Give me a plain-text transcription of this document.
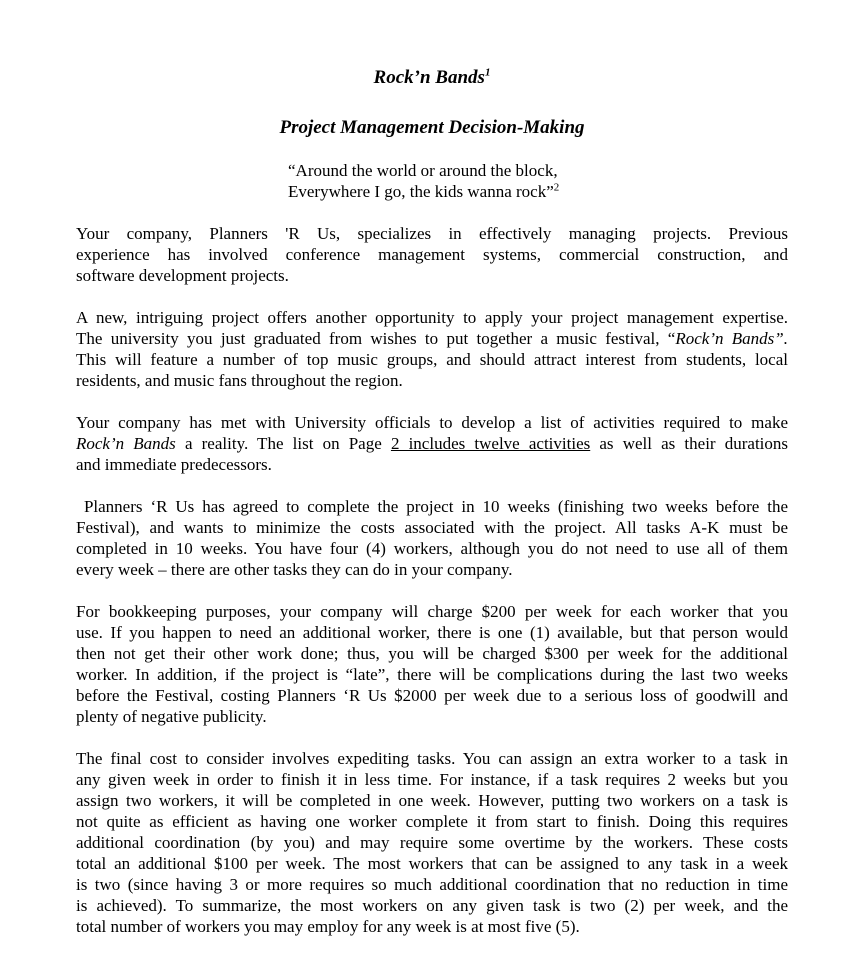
Rock’n Bands$^1$
Project Management Decision-Making
“Around the world or around the block,
Everywhere I go, the kids wanna rock”$^2$
Your company, Planners 'R Us, specializes in effectively managing projects. Previous
experience has involved conference management systems, commercial construction, and
software development projects.
A new, intriguing project offers another opportunity to apply your project management expertise.
The university you just graduated from wishes to put together a music festival, “Rock’n Bands”.
This will feature a number of top music groups, and should attract interest from students, local
residents, and music fans throughout the region.
Your company has met with University officials to develop a list of activities required to make
Rock’n Bands a reality. The list on Page 2 includes twelve activities as well as their durations
and immediate predecessors.
Planners ‘R Us has agreed to complete the project in 10 weeks (finishing two weeks before the
Festival), and wants to minimize the costs associated with the project. All tasks A-K must be
completed in 10 weeks. You have four (4) workers, although you do not need to use all of them
every week – there are other tasks they can do in your company.
For bookkeeping purposes, your company will charge $200 per week for each worker that you
use. If you happen to need an additional worker, there is one (1) available, but that person would
then not get their other work done; thus, you will be charged $300 per week for the additional
worker. In addition, if the project is “late”, there will be complications during the last two weeks
before the Festival, costing Planners ‘R Us $2000 per week due to a serious loss of goodwill and
plenty of negative publicity.
The final cost to consider involves expediting tasks. You can assign an extra worker to a task in
any given week in order to finish it in less time. For instance, if a task requires 2 weeks but you
assign two workers, it will be completed in one week. However, putting two workers on a task is
not quite as efficient as having one worker complete it from start to finish. Doing this requires
additional coordination (by you) and may require some overtime by the workers. These costs
total an additional $100 per week. The most workers that can be assigned to any task in a week
is two (since having 3 or more requires so much additional coordination that no reduction in time
is achieved). To summarize, the most workers on any given task is two (2) per week, and the
total number of workers you may employ for any week is at most five (5).
